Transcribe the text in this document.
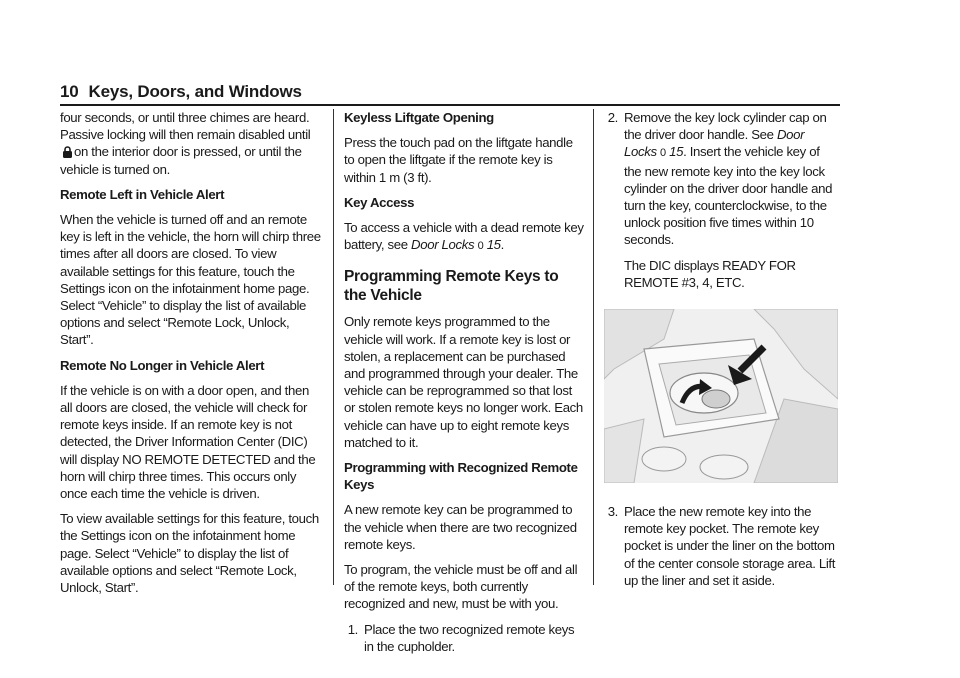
10 Keys, Doors, and Windows

four seconds, or until three chimes are heard. Passive locking will then remain disabled until on the interior door is pressed, or until the vehicle is turned on.

Remote Left in Vehicle Alert

When the vehicle is turned off and an remote key is left in the vehicle, the horn will chirp three times after all doors are closed. To view available settings for this feature, touch the Settings icon on the infotainment home page. Select “Vehicle” to display the list of available options and select “Remote Lock, Unlock, Start”.

Remote No Longer in Vehicle Alert

If the vehicle is on with a door open, and then all doors are closed, the vehicle will check for remote keys inside. If an remote key is not detected, the Driver Information Center (DIC) will display NO REMOTE DETECTED and the horn will chirp three times. This occurs only once each time the vehicle is driven.

To view available settings for this feature, touch the Settings icon on the infotainment home page. Select “Vehicle” to display the list of available options and select “Remote Lock, Unlock, Start”.

Keyless Liftgate Opening

Press the touch pad on the liftgate handle to open the liftgate if the remote key is within 1 m (3 ft).

Key Access

To access a vehicle with a dead remote key battery, see Door Locks 0 15.

Programming Remote Keys to the Vehicle

Only remote keys programmed to the vehicle will work. If a remote key is lost or stolen, a replacement can be purchased and programmed through your dealer. The vehicle can be reprogrammed so that lost or stolen remote keys no longer work. Each vehicle can have up to eight remote keys matched to it.

Programming with Recognized Remote Keys

A new remote key can be programmed to the vehicle when there are two recognized remote keys.

To program, the vehicle must be off and all of the remote keys, both currently recognized and new, must be with you.

1. Place the two recognized remote keys in the cupholder.
2. Remove the key lock cylinder cap on the driver door handle. See Door Locks 0 15. Insert the vehicle key of the new remote key into the key lock cylinder on the driver door handle and turn the key, counterclockwise, to the unlock position five times within 10 seconds.

The DIC displays READY FOR REMOTE #3, 4, ETC.

3. Place the new remote key into the remote key pocket. The remote key pocket is under the liner on the bottom of the center console storage area. Lift up the liner and set it aside.
